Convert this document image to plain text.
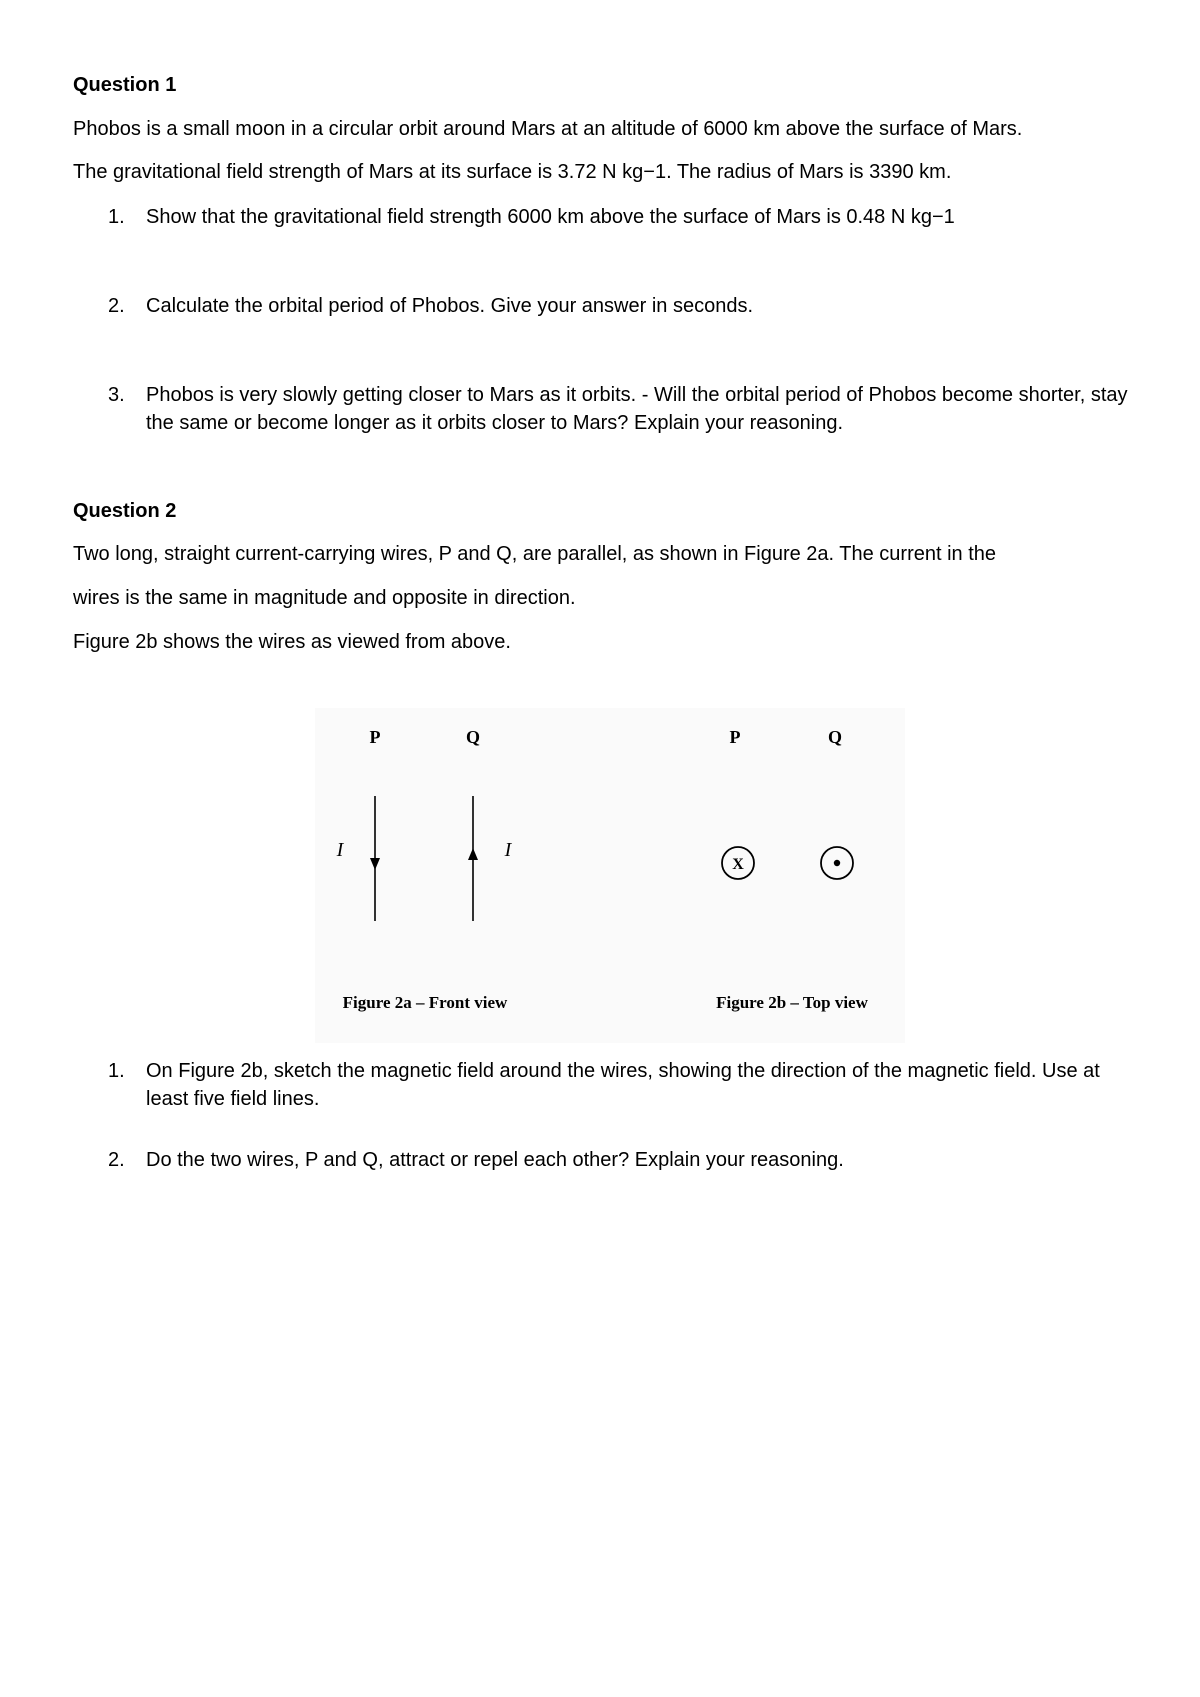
Question 1

Phobos is a small moon in a circular orbit around Mars at an altitude of 6000 km above the surface of Mars.

The gravitational field strength of Mars at its surface is 3.72 N kg−1. The radius of Mars is 3390 km.

1. Show that the gravitational field strength 6000 km above the surface of Mars is 0.48 N kg−1
2. Calculate the orbital period of Phobos. Give your answer in seconds.
3. Phobos is very slowly getting closer to Mars as it orbits. - Will the orbital period of Phobos become shorter, stay the same or become longer as it orbits closer to Mars? Explain your reasoning.

Question 2

Two long, straight current-carrying wires, P and Q, are parallel, as shown in Figure 2a. The current in the

wires is the same in magnitude and opposite in direction.

Figure 2b shows the wires as viewed from above.

P	Q
I	I
Figure 2a – Front view
P	Q
X
Figure 2b – Top view
1. On Figure 2b, sketch the magnetic field around the wires, showing the direction of the magnetic field. Use at least five field lines.
2. Do the two wires, P and Q, attract or repel each other? Explain your reasoning.
